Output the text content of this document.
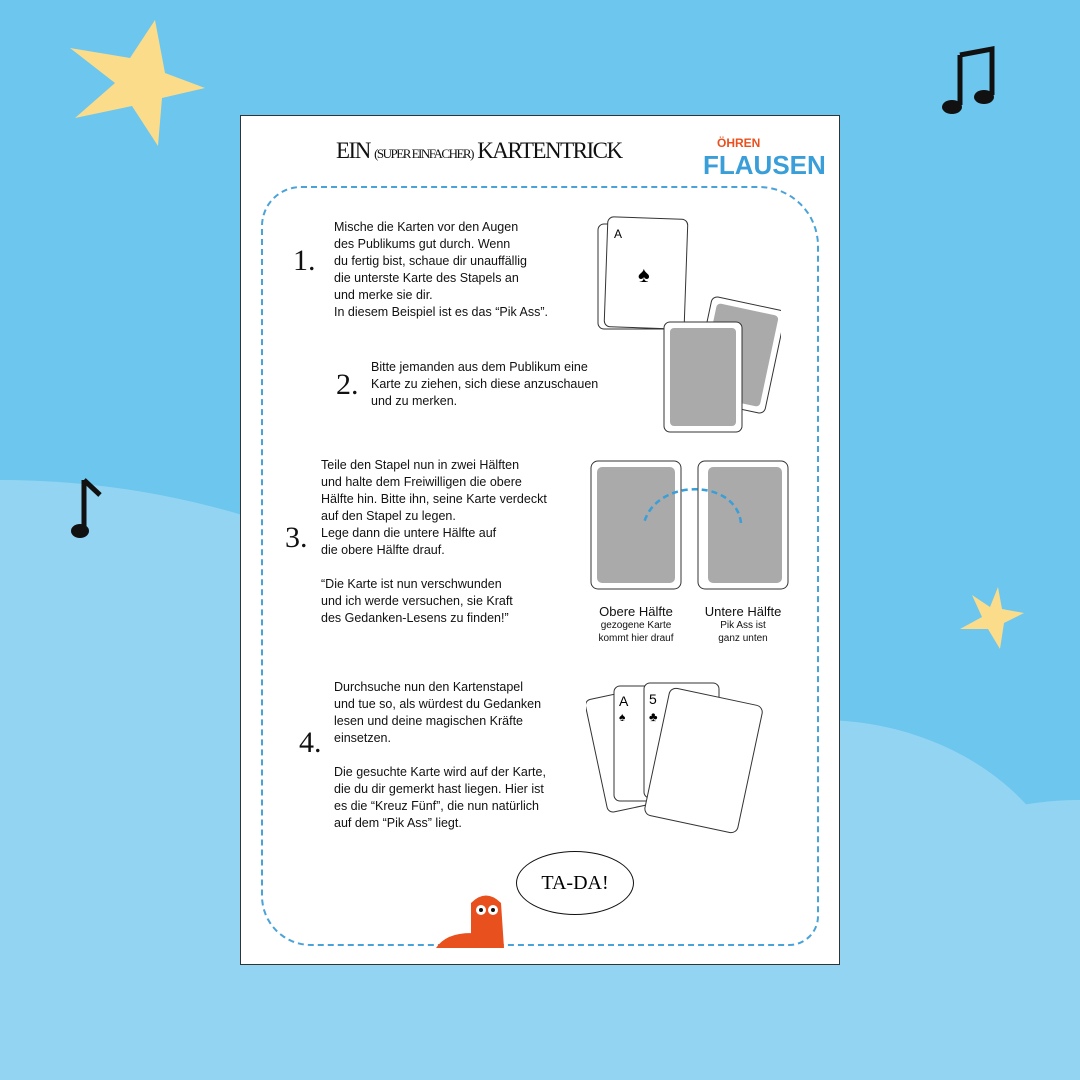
EIN (SUPER EINFACHER) KARTENTRICK	ÖHREN
FLAUSEN
1.
Mische die Karten vor den Augen
des Publikums gut durch. Wenn
du fertig bist, schaue dir unauffällig
die unterste Karte des Stapels an
und merke sie dir.
In diesem Beispiel ist es das “Pik Ass”.
2.
Bitte jemanden aus dem Publikum eine
Karte zu ziehen, sich diese anzuschauen
und zu merken.
3.
Teile den Stapel nun in zwei Hälften
und halte dem Freiwilligen die obere
Hälfte hin. Bitte ihn, seine Karte verdeckt
auf den Stapel zu legen.
Lege dann die untere Hälfte auf
die obere Hälfte drauf.

“Die Karte ist nun verschwunden
und ich werde versuchen, sie Kraft
des Gedanken-Lesens zu finden!”
4.
Durchsuche nun den Kartenstapel
und tue so, als würdest du Gedanken
lesen und deine magischen Kräfte
einsetzen.

Die gesuchte Karte wird auf der Karte,
die du dir gemerkt hast liegen. Hier ist
es die “Kreuz Fünf”, die nun natürlich
auf dem “Pik Ass” liegt.
A
♠
Obere Hälfte
gezogene Karte
kommt hier drauf
Untere Hälfte
Pik Ass ist
ganz unten
A
♠
5
♣
TA-DA!
